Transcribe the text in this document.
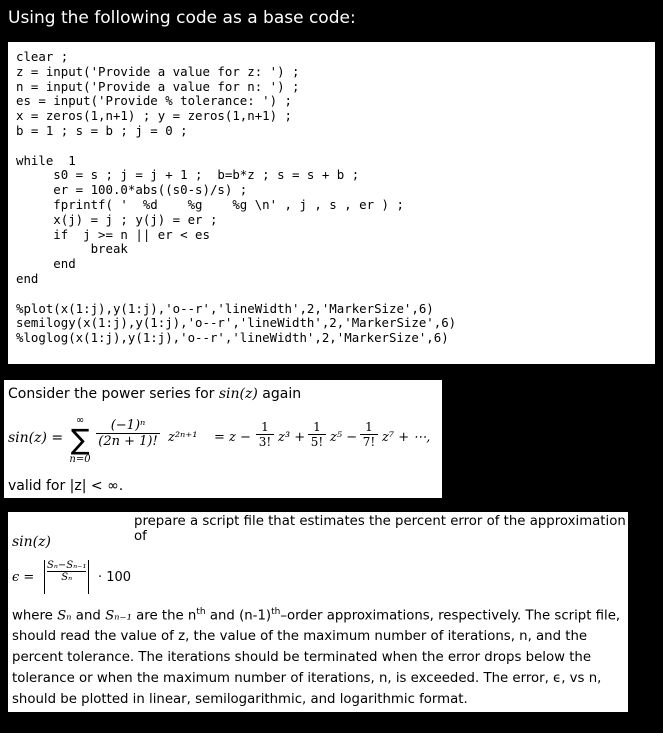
Using the following code as a base code:
clear ;
z = input('Provide a value for z: ') ;
n = input('Provide a value for n: ') ;
es = input('Provide % tolerance: ') ;
x = zeros(1,n+1) ; y = zeros(1,n+1) ;
b = 1 ; s = b ; j = 0 ;
while  1
s0 = s ; j = j + 1 ;  b=b*z ; s = s + b ;
er = 100.0*abs((s0-s)/s) ;
fprintf( '  %d    %g    %g \n' , j , s , er ) ;
x(j) = j ; y(j) = er ;
if  j >= n || er < es
break
end
end
%plot(x(1:j),y(1:j),'o--r','lineWidth',2,'MarkerSize',6)
semilogy(x(1:j),y(1:j),'o--r','lineWidth',2,'MarkerSize',6)
%loglog(x(1:j),y(1:j),'o--r','lineWidth',2,'MarkerSize',6)
Consider the power series for sin(z) again
sin(z) =
∞
∑
n=0
$\frac{\text{(−1)ⁿ}}{(2n + 1)!} z^{2n+1} = z - \frac{1}{3!} z^3 + \frac{1}{5!} z^5 - \frac{1}{7!} z^7$ + ⋯,
valid for |z| < ∞.
prepare a script file that estimates the percent error of the approximation of
sin(z)
ϵ =
Sₙ−Sₙ₋₁
Sₙ	· 100
where Sₙ and Sₙ₋₁ are the $n^{th}$ and $(n-1)^{th}$–order approximations, respectively. The script file, should read the value of z, the value of the maximum number of iterations, n, and the percent tolerance. The iterations should be terminated when the error drops below the tolerance or when the maximum number of iterations, n, is exceeded. The error, ϵ, vs n, should be plotted in linear, semilogarithmic, and logarithmic format.
